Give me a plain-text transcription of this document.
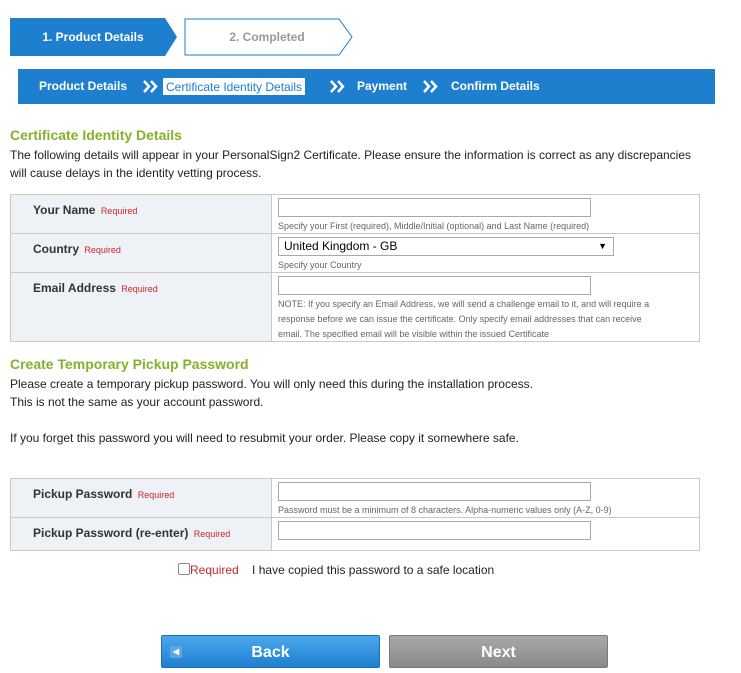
1. Product Details	2. Completed
Product Details	Certificate Identity Details	Payment	Confirm Details
Certificate Identity Details
The following details will appear in your PersonalSign2 Certificate. Please ensure the information is correct as any discrepancies
will cause delays in the identity vetting process.
Your Name Required
Specify your First (required), Middle/Initial (optional) and Last Name (required)
Country Required	United Kingdom - GB	▼
Specify your Country
Email Address Required
NOTE: If you specify an Email Address, we will send a challenge email to it, and will require a
response before we can issue the certificate. Only specify email addresses that can receive
email. The specified email will be visible within the issued Certificate
Create Temporary Pickup Password
Please create a temporary pickup password. You will only need this during the installation process.
This is not the same as your account password.
If you forget this password you will need to resubmit your order. Please copy it somewhere safe.
Pickup Password Required
Password must be a minimum of 8 characters. Alpha-numeric values only (A-Z, 0-9)
Pickup Password (re-enter) Required
Required I have copied this password to a safe location
◀	Back	Next
